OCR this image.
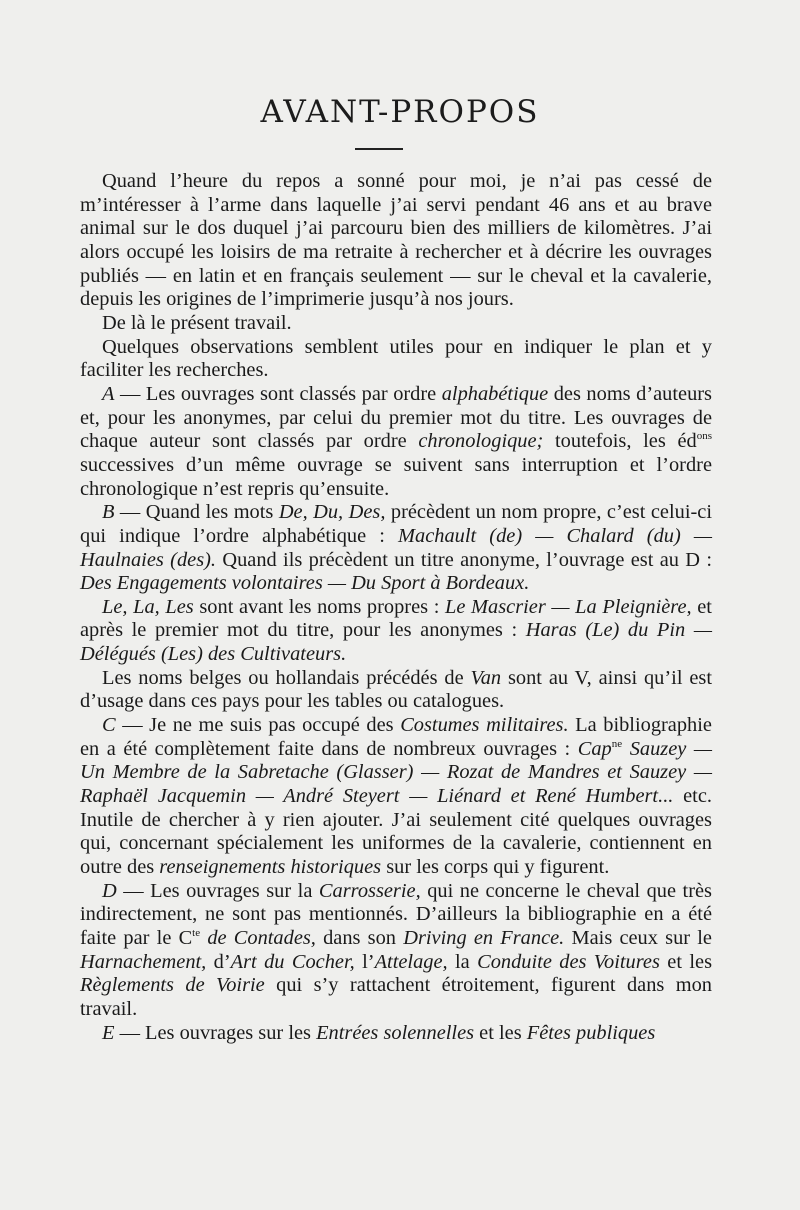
AVANT-PROPOS

Quand l’heure du repos a sonné pour moi, je n’ai pas cessé de m’intéresser à l’arme dans laquelle j’ai servi pendant 46 ans et au brave animal sur le dos duquel j’ai parcouru bien des milliers de kilomètres. J’ai alors occupé les loisirs de ma retraite à rechercher et à décrire les ouvrages publiés — en latin et en français seulement — sur le cheval et la cavalerie, depuis les origines de l’imprimerie jusqu’à nos jours.

De là le présent travail.

Quelques observations semblent utiles pour en indiquer le plan et y faciliter les recherches.

A — Les ouvrages sont classés par ordre alphabétique des noms d’auteurs et, pour les anonymes, par celui du premier mot du titre. Les ouvrages de chaque auteur sont classés par ordre chronologique; toutefois, les $éd^{ons}$ successives d’un même ouvrage se suivent sans interruption et l’ordre chronologique n’est repris qu’ensuite.

B — Quand les mots De, Du, Des, précèdent un nom propre, c’est celui-ci qui indique l’ordre alphabétique : Machault (de) — Chalard (du) — Haulnaies (des). Quand ils précèdent un titre anonyme, l’ouvrage est au D : Des Engagements volontaires — Du Sport à Bordeaux.

Le, La, Les sont avant les noms propres : Le Mascrier — La Pleignière, et après le premier mot du titre, pour les anonymes : Haras (Le) du Pin — Délégués (Les) des Cultivateurs.

Les noms belges ou hollandais précédés de Van sont au V, ainsi qu’il est d’usage dans ces pays pour les tables ou catalogues.

C — Je ne me suis pas occupé des Costumes militaires. La bibliographie en a été complètement faite dans de nombreux ouvrages : Cap$^{ne}$ Sauzey — Un Membre de la Sabretache (Glasser) — Rozat de Mandres et Sauzey — Raphaël Jacquemin — André Steyert — Liénard et René Humbert... etc. Inutile de chercher à y rien ajouter. J’ai seulement cité quelques ouvrages qui, concernant spécialement les uniformes de la cavalerie, contiennent en outre des renseignements historiques sur les corps qui y figurent.

D — Les ouvrages sur la Carrosserie, qui ne concerne le cheval que très indirectement, ne sont pas mentionnés. D’ailleurs la bibliographie en a été faite par le $C^{te}$ de Contades, dans son Driving en France. Mais ceux sur le Harnachement, d’Art du Cocher, l’Attelage, la Conduite des Voitures et les Règlements de Voirie qui s’y rattachent étroitement, figurent dans mon travail.

E — Les ouvrages sur les Entrées solennelles et les Fêtes publiques
